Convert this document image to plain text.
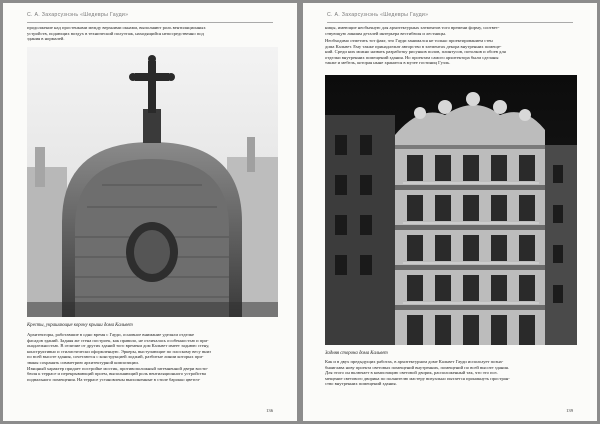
С. А. Захарсузнэнь «Шедевры Гауди»
продолжение над простенками между верхними окнами, выполняют роль вентиляционных
устройств, подающих воздух в технический полуэтаж, находящийся непосредственно под
здания в нормалей.
Кресты, украшающие корону крыши дома Кальвет
Архитекторы, работавшие в одно время с Гауди, основное внимание уделяли отделке
фасадов зданий. Задняя же стена построек, как правило, не отличалась особенностью и при-
онадлежностью. В отличие от других зданий того времени дом Кальвет имеет заднюю стену,
конструктивно и стилистически оформленную. Эркеры, выступающие по плоскому весу вниз
по всей высоте здания, сочетаются с конструкцией лоджий, разбитые линии которых при-
званы сохранять симметрию архитектурной композиции.
Изящный характер придает постройке мостик, противоположный затемненной двери вости-
бюля к террасе и перекрывающий проем, выполняющий роль вентиляционного устройства
подвального помещения. На террасе установлены выполненные в стиле барокко цветоч-
136
С. А. Захарсузнэнь «Шедевры Гауди»
ницы, имеющие необычную для архитектурных элементов того времени форму, соответ-
ствующую линиям деталей интерьера вестибюля и лестницы.
Необходимо отметить тот факт, что Гауди занимался не только проектированием стен
дома Кальвет. Ему также принадлежат авторство в элементах декора внутренних помеще-
ний. Среди них можно назвать разработку рисунков полов, плинтусов, потолков и обоев для
отделки внутренних помещений здания. Но проектам самого архитектора были сделаны
также и мебель, которая ныне хранится в музее гостиниц Гуэль.
Задняя сторона дома Кальвет
Как и в двух предыдущих работах, в архитектурном доме Кальвет Гауди использует позна-
бнаиглава нову проекта световых помещений внутренних, помещений по всей высоте здания.
Для этого он включает в композицию световой дворик, расположенный так, что это поз.
мещение светового дворика по полнителю мастеру визуально пытается проникнуть простран-
ство внутренних помещений здания.
139
